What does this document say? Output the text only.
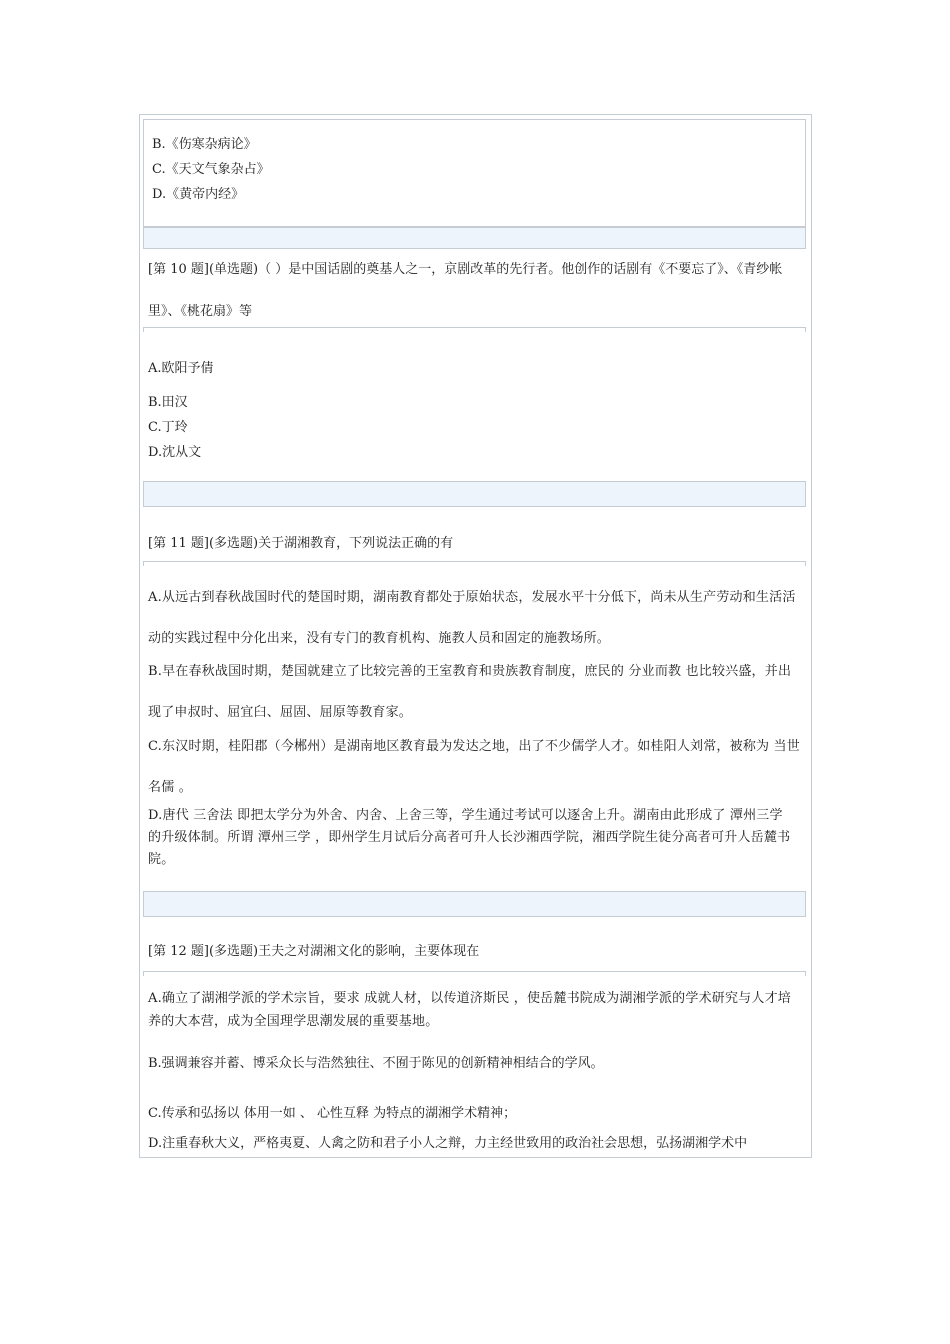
B.《伤寒杂病论》
C.《天文气象杂占》
D.《黄帝内经》
[第 10 题](单选题)（ ）是中国话剧的奠基人之一，京剧改革的先行者。他创作的话剧有《不要忘了》、《青纱帐里》、《桃花扇》等
A.欧阳予倩
B.田汉
C.丁玲
D.沈从文
[第 11 题](多选题)关于湖湘教育，下列说法正确的有
A.从远古到春秋战国时代的楚国时期，湖南教育都处于原始状态，发展水平十分低下，尚未从生产劳动和生活活动的实践过程中分化出来，没有专门的教育机构、施教人员和固定的施教场所。
B.早在春秋战国时期，楚国就建立了比较完善的王室教育和贵族教育制度，庶民的 分业而教 也比较兴盛，并出现了申叔时、屈宜臼、屈固、屈原等教育家。
C.东汉时期，桂阳郡（今郴州）是湖南地区教育最为发达之地，出了不少儒学人才。如桂阳人刘常，被称为 当世名儒 。
D.唐代 三舍法 即把太学分为外舍、内舍、上舍三等，学生通过考试可以逐舍上升。湖南由此形成了 潭州三学 的升级体制。所谓 潭州三学 ，即州学生月试后分高者可升人长沙湘西学院，湘西学院生徒分高者可升人岳麓书院。
[第 12 题](多选题)王夫之对湖湘文化的影响，主要体现在
A.确立了湖湘学派的学术宗旨，要求 成就人材，以传道济斯民 ，使岳麓书院成为湖湘学派的学术研究与人才培养的大本营，成为全国理学思潮发展的重要基地。
B.强调兼容并蓄、博采众长与浩然独往、不囿于陈见的创新精神相结合的学风。
C.传承和弘扬以 体用一如 、 心性互释 为特点的湖湘学术精神；
D.注重春秋大义，严格夷夏、人禽之防和君子小人之辩，力主经世致用的政治社会思想，弘扬湖湘学术中
